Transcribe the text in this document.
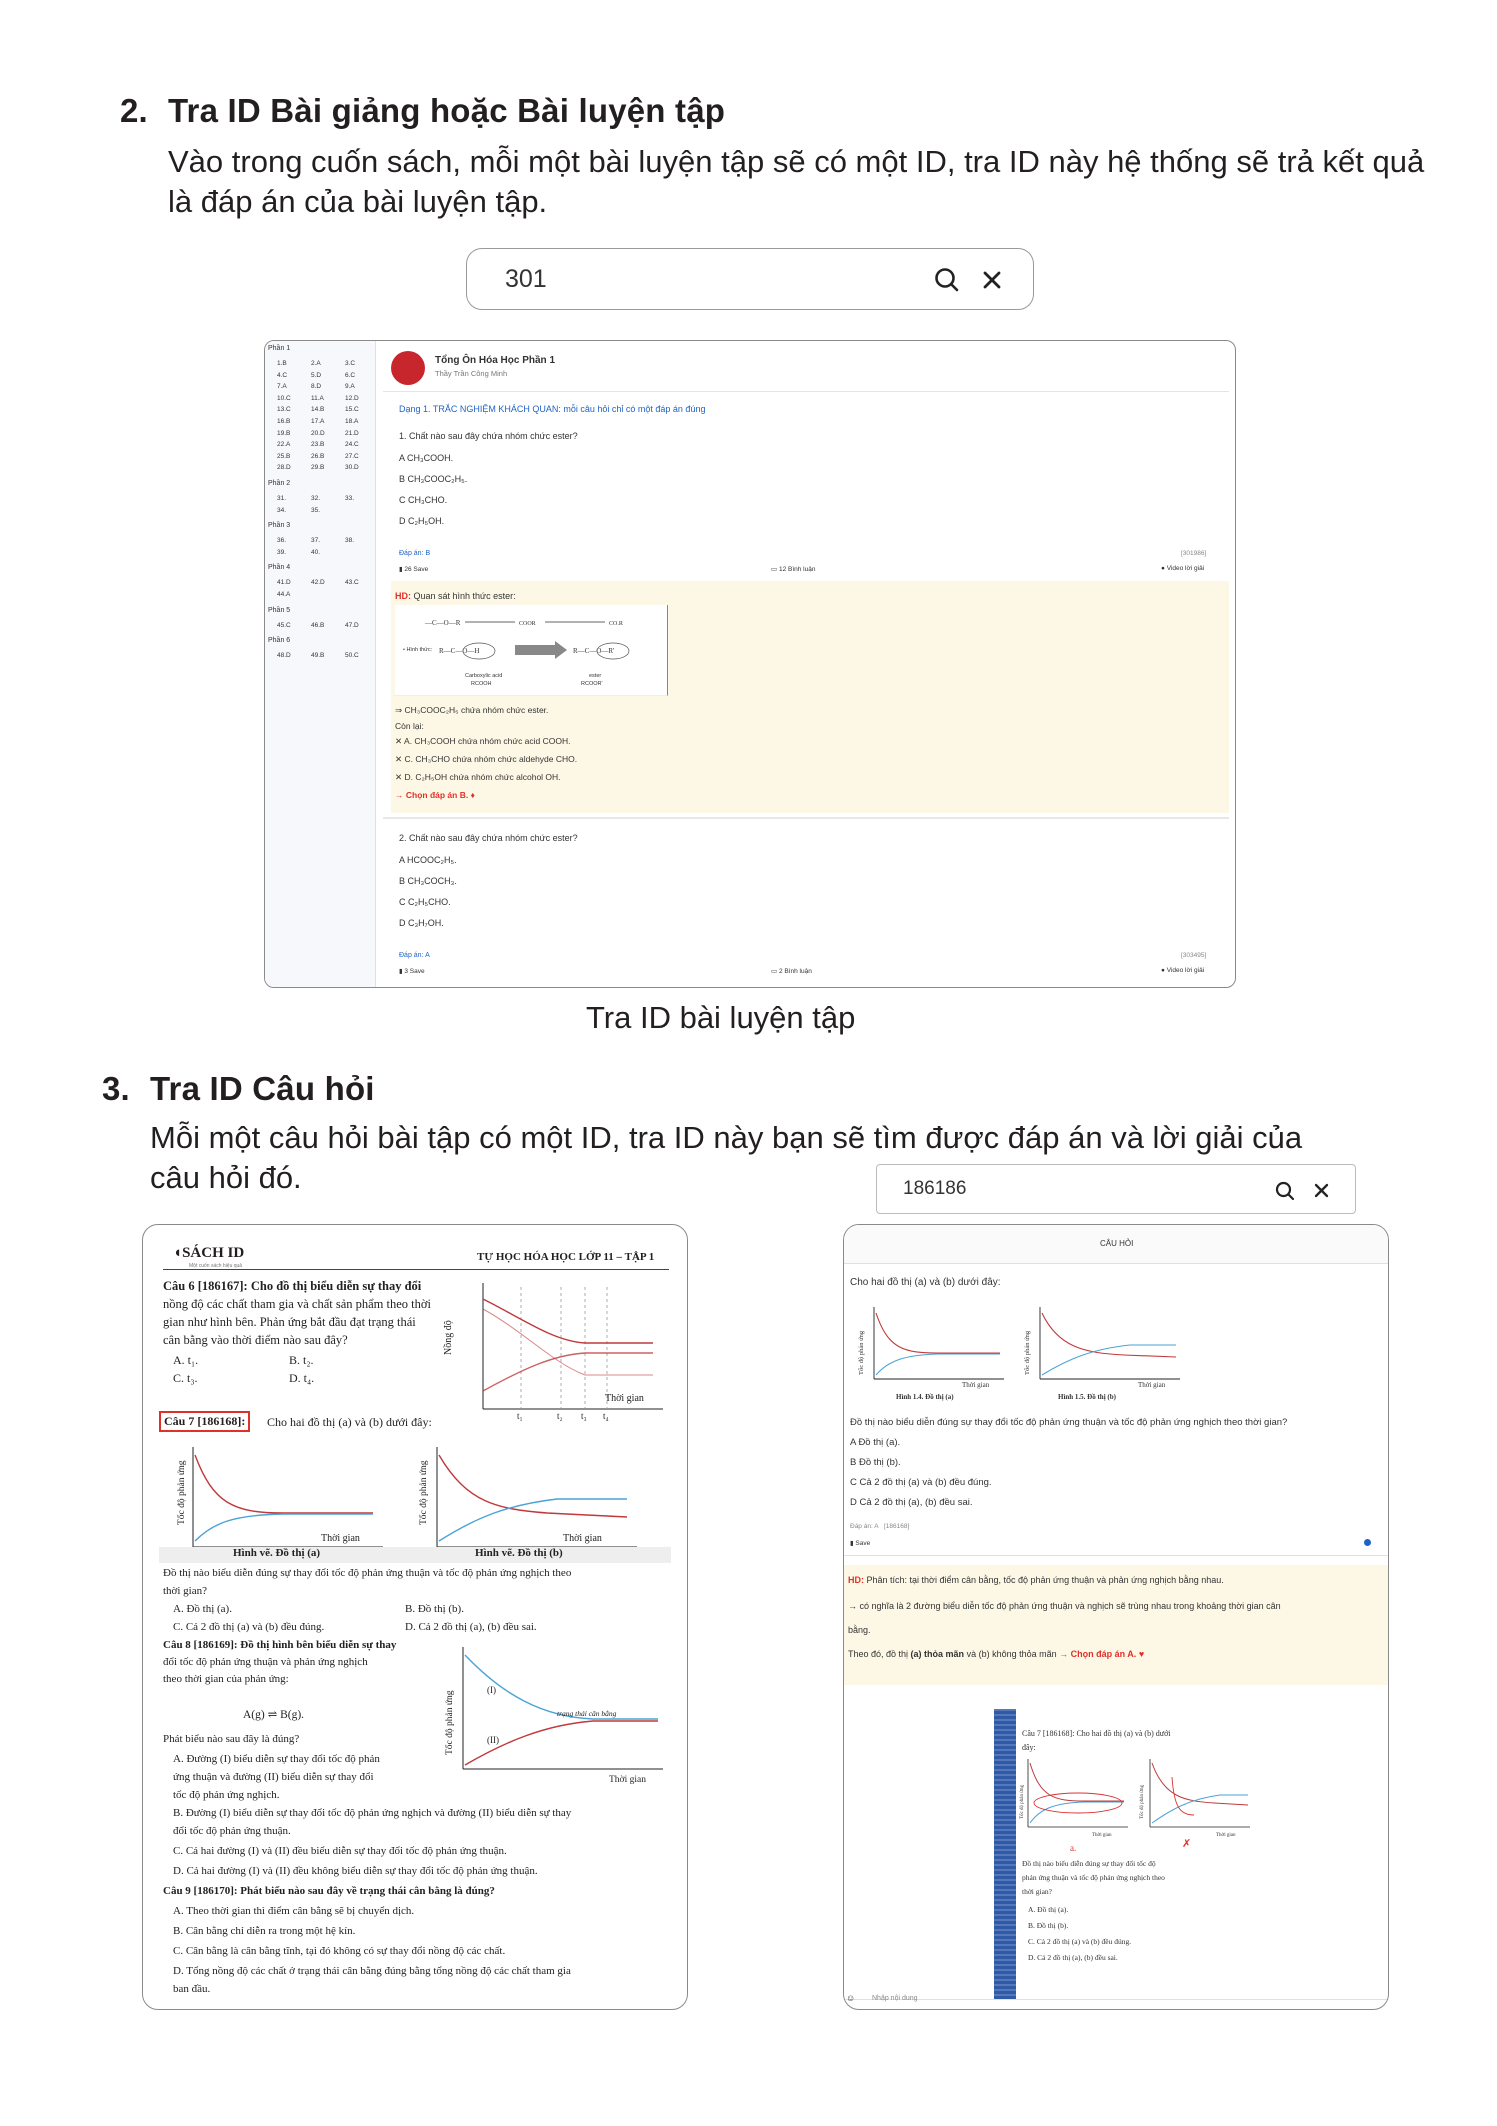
2. Tra ID Bài giảng hoặc Bài luyện tập
Vào trong cuốn sách, mỗi một bài luyện tập sẽ có một ID, tra ID này hệ thống sẽ trả kết quả
là đáp án của bài luyện tập.
301
Phần 1
1.B	2.A	3.C
4.C	5.D	6.C
7.A	8.D	9.A
10.C	11.A	12.D
13.C	14.B	15.C
16.B	17.A	18.A
19.B	20.D	21.D
22.A	23.B	24.C
25.B	26.B	27.C
28.D	29.B	30.D
Phần 2
31.	32.	33.
34.	35.
Phần 3
36.	37.	38.
39.	40.
Phần 4
41.D	42.D	43.C
44.A
Phần 5
45.C	46.B	47.D
Phần 6
48.D	49.B	50.C
Tổng Ôn Hóa Học Phần 1
Thầy Trần Công Minh
Dạng 1. TRẮC NGHIỆM KHÁCH QUAN: mỗi câu hỏi chỉ có một đáp án đúng
1. Chất nào sau đây chứa nhóm chức ester?
A CH₃COOH.
B CH₃COOC₂H₅.
C CH₃CHO.
D C₂H₅OH.
Đáp án: B	[301986]
▮ 26 Save	▭ 12 Bình luận	● Video lời giải
HD: Quan sát hình thức ester:
—C—O—R	COOR	CO.R
R—C—O—H	R—C—O—R'
• Hình thức:
Carboxylic acid
RCOOH
ester
RCOOR'
⇒ CH₃COOC₂H₅ chứa nhóm chức ester.
Còn lại:
✕ A. CH₃COOH chứa nhóm chức acid COOH.
✕ C. CH₃CHO chứa nhóm chức aldehyde CHO.
✕ D. C₂H₅OH chứa nhóm chức alcohol OH.
→ Chọn đáp án B. ♦
2. Chất nào sau đây chứa nhóm chức ester?
A HCOOC₂H₅.
B CH₃COCH₃.
C C₂H₅CHO.
D C₃H₇OH.
Đáp án: A	[303495]
▮ 3 Save	▭ 2 Bình luận	● Video lời giải
Tra ID bài luyện tập
3. Tra ID Câu hỏi
Mỗi một câu hỏi bài tập có một ID, tra ID này bạn sẽ tìm được đáp án và lời giải của
câu hỏi đó.	186186
◖SÁCH ID
Một cuốn sách hiệu quả
TỰ HỌC HÓA HỌC LỚP 11 – TẬP 1
Câu 6 [186167]: Cho đồ thị biểu diễn sự thay đổi
nồng độ các chất tham gia và chất sản phẩm theo thời
gian như hình bên. Phản ứng bắt đầu đạt trạng thái
cân bằng vào thời điểm nào sau đây?
A. t₁.	B. t₂.
C. t₃.	D. t₄.
Nồng độ
Thời gian
t₁	t₂ t₃ t₄
Câu 7 [186168]:	Cho hai đồ thị (a) và (b) dưới đây:
Tốc độ phản ứng	Tốc độ phản ứng
Thời gian	Thời gian
Hình vẽ. Đồ thị (a)	Hình vẽ. Đồ thị (b)
Đồ thị nào biểu diễn đúng sự thay đổi tốc độ phản ứng thuận và tốc độ phản ứng nghịch theo
thời gian?
A. Đồ thị (a).	B. Đồ thị (b).
C. Cả 2 đồ thị (a) và (b) đều đúng.	D. Cả 2 đồ thị (a), (b) đều sai.
Câu 8 [186169]: Đồ thị hình bên biểu diễn sự thay
đổi tốc độ phản ứng thuận và phản ứng nghịch
theo thời gian của phản ứng:
A(g) ⇌ B(g).
Phát biểu nào sau đây là đúng?	Tốc độ phản ứng
(I)
(II)
trạng thái cân bằng
Thời gian
A. Đường (I) biểu diễn sự thay đổi tốc độ phản
ứng thuận và đường (II) biểu diễn sự thay đổi
tốc độ phản ứng nghịch.
B. Đường (I) biểu diễn sự thay đổi tốc độ phản ứng nghịch và đường (II) biểu diễn sự thay
đổi tốc độ phản ứng thuận.
C. Cả hai đường (I) và (II) đều biểu diễn sự thay đổi tốc độ phản ứng thuận.
D. Cả hai đường (I) và (II) đều không biểu diễn sự thay đổi tốc độ phản ứng thuận.
Câu 9 [186170]: Phát biểu nào sau đây về trạng thái cân bằng là đúng?
A. Theo thời gian thì điểm cân bằng sẽ bị chuyển dịch.
B. Cân bằng chỉ diễn ra trong một hệ kín.
C. Cân bằng là cân bằng tĩnh, tại đó không có sự thay đổi nồng độ các chất.
D. Tổng nồng độ các chất ở trạng thái cân bằng đúng bằng tổng nồng độ các chất tham gia
ban đầu.
CÂU HỎI
Cho hai đồ thị (a) và (b) dưới đây:
Tốc độ phản ứng	Tốc độ phản ứng
Thời gian	Thời gian
Hình 1.4. Đồ thị (a)	Hình 1.5. Đồ thị (b)
Đồ thị nào biểu diễn đúng sự thay đổi tốc độ phản ứng thuận và tốc độ phản ứng nghịch theo thời gian?
A Đồ thị (a).
B Đồ thị (b).
C Cả 2 đồ thị (a) và (b) đều đúng.
D Cả 2 đồ thị (a), (b) đều sai.
Đáp án: A [186168]
▮ Save
HD: Phân tích: tại thời điểm cân bằng, tốc độ phản ứng thuận và phản ứng nghịch bằng nhau.
→ có nghĩa là 2 đường biểu diễn tốc độ phản ứng thuận và nghịch sẽ trùng nhau trong khoảng thời gian cân
bằng.
Theo đó, đồ thị (a) thỏa mãn và (b) không thỏa mãn → Chọn đáp án A. ♥
Câu 7 [186168]: Cho hai đồ thị (a) và (b) dưới
đây:
a.	✗
Thời gian	Thời gian
Tốc độ phản ứng	Tốc độ phản ứng
Đồ thị nào biểu diễn đúng sự thay đổi tốc độ
phản ứng thuận và tốc độ phản ứng nghịch theo
thời gian?
A. Đồ thị (a).
B. Đồ thị (b).
C. Cả 2 đồ thị (a) và (b) đều đúng.
D. Cả 2 đồ thị (a), (b) đều sai.
☺ Nhập nội dung
